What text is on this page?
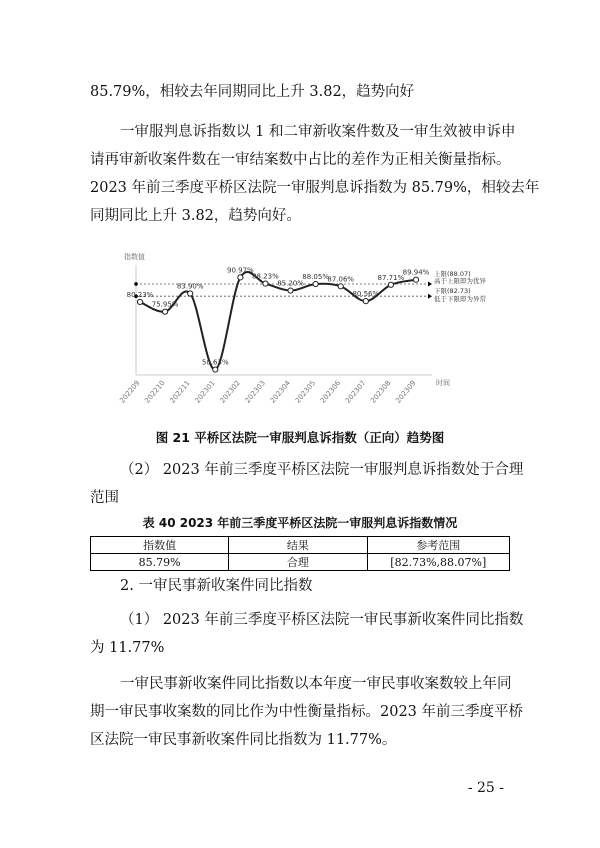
85.79%，相较去年同期同比上升 3.82，趋势向好
一审服判息诉指数以 1 和二审新收案件数及一审生效被申诉申
请再审新收案件数在一审结案数中占比的差作为正相关衡量指标。
2023 年前三季度平桥区法院一审服判息诉指数为 85.79%，相较去年
同期同比上升 3.82，趋势向好。
指数值
时间
上限(88.07)
高于上限即为优异
下限(82.73)
低于下限即为异常
80.23%
75.95%
83.90%
50.63%
90.97%
88.23%
85.20%
88.05%
87.06%
80.56%
87.71%
89.94%
202209 202210 202211 202301 202302 202303 202304 202305 202306 202307 202308 202309
图 21 平桥区法院一审服判息诉指数（正向）趋势图
（2） 2023 年前三季度平桥区法院一审服判息诉指数处于合理
范围
表 40 2023 年前三季度平桥区法院一审服判息诉指数情况
指数值	结果	参考范围
85.79%	合理	[82.73%,88.07%]
2. 一审民事新收案件同比指数
（1） 2023 年前三季度平桥区法院一审民事新收案件同比指数
为 11.77%
一审民事新收案件同比指数以本年度一审民事收案数较上年同
期一审民事收案数的同比作为中性衡量指标。2023 年前三季度平桥
区法院一审民事新收案件同比指数为 11.77%。
- 25 -
